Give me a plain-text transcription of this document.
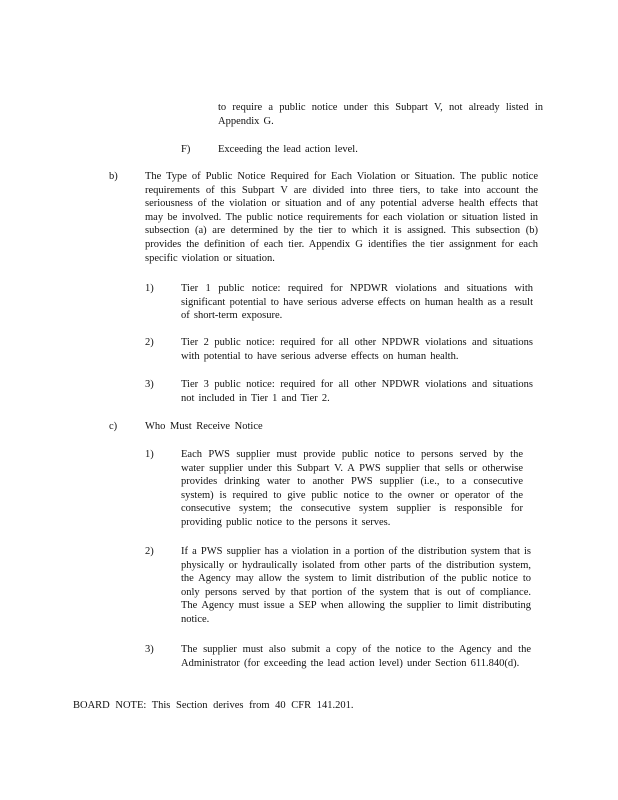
to require a public notice under this Subpart V, not already listed in Appendix G.

F)	Exceeding the lead action level.

b)	The Type of Public Notice Required for Each Violation or Situation. The public notice requirements of this Subpart V are divided into three tiers, to take into account the seriousness of the violation or situation and of any potential adverse health effects that may be involved. The public notice requirements for each violation or situation listed in subsection (a) are determined by the tier to which it is assigned. This subsection (b) provides the definition of each tier. Appendix G identifies the tier assignment for each specific violation or situation.

1)	Tier 1 public notice: required for NPDWR violations and situations with significant potential to have serious adverse effects on human health as a result of short-term exposure.

2)	Tier 2 public notice: required for all other NPDWR violations and situations with potential to have serious adverse effects on human health.

3)	Tier 3 public notice: required for all other NPDWR violations and situations not included in Tier 1 and Tier 2.

c)	Who Must Receive Notice
1)	Each PWS supplier must provide public notice to persons served by the water supplier under this Subpart V. A PWS supplier that sells or otherwise provides drinking water to another PWS supplier (i.e., to a consecutive system) is required to give public notice to the owner or operator of the consecutive system; the consecutive system supplier is responsible for providing public notice to the persons it serves.

2)	If a PWS supplier has a violation in a portion of the distribution system that is physically or hydraulically isolated from other parts of the distribution system, the Agency may allow the system to limit distribution of the public notice to only persons served by that portion of the system that is out of compliance. The Agency must issue a SEP when allowing the supplier to limit distributing notice.

3)	The supplier must also submit a copy of the notice to the Agency and the Administrator (for exceeding the lead action level) under Section 611.840(d).

BOARD NOTE: This Section derives from 40 CFR 141.201.
